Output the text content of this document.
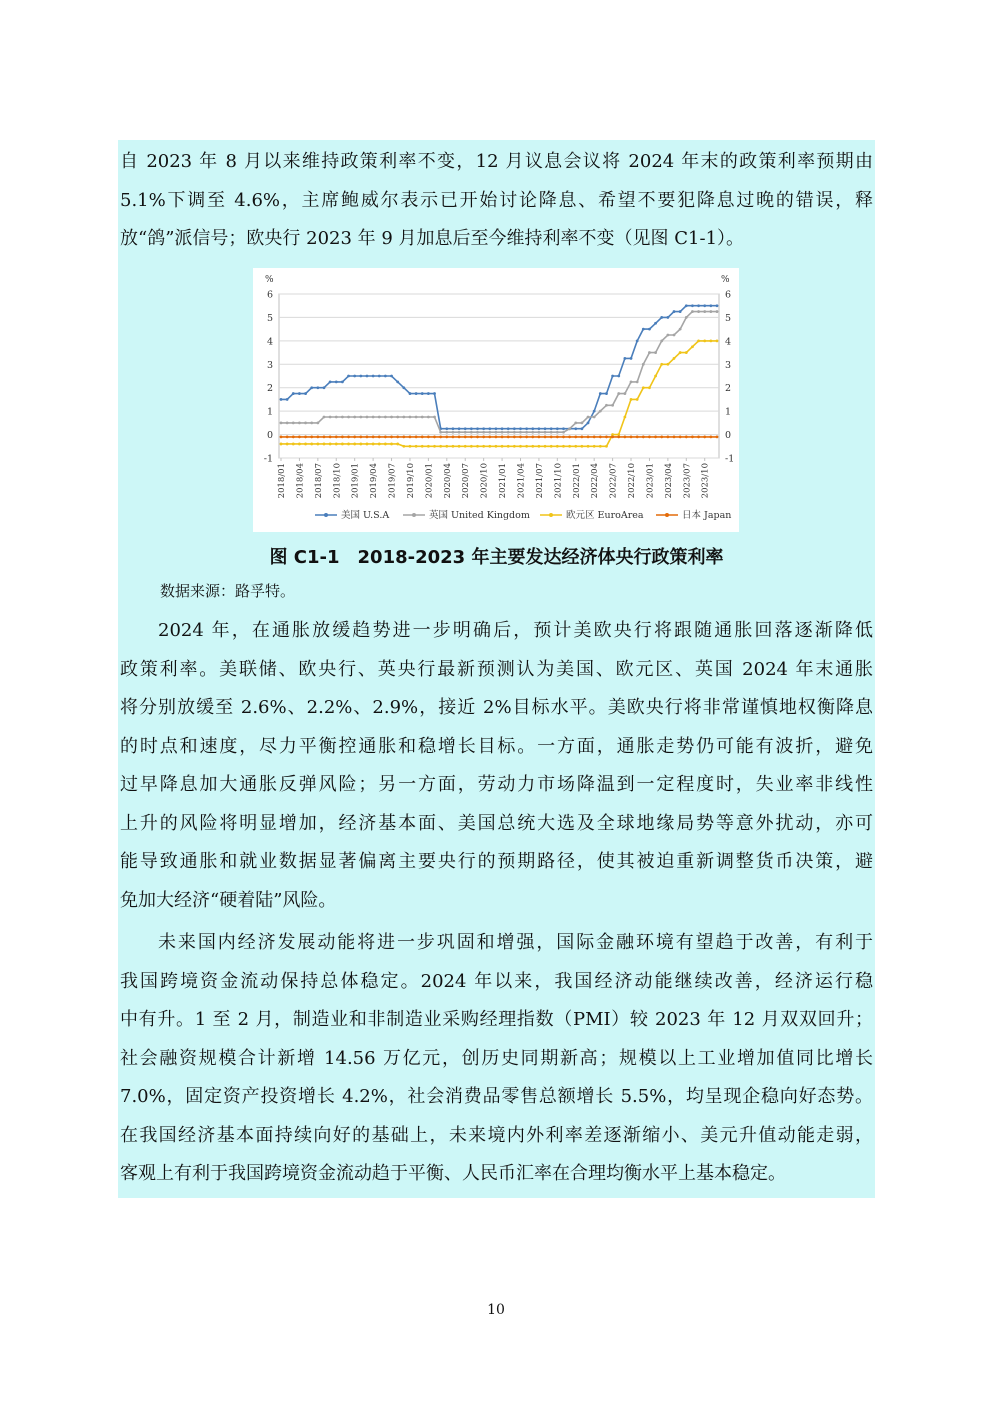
自 2023 年 8 月以来维持政策利率不变，12 月议息会议将 2024 年末的政策利率预期由
5.1%下调至 4.6%，主席鲍威尔表示已开始讨论降息、希望不要犯降息过晚的错误，释
放“鸽”派信号；欧央行 2023 年 9 月加息后至今维持利率不变（见图 C1-1）。
6	6
5	5
4	4
3	3
2	2
1	1
0	0
-1	-1
%	%
2018/01 2018/04 2018/07 2018/10 2019/01 2019/04 2019/07 2019/10 2020/01 2020/04 2020/07 2020/10 2021/01 2021/04 2021/07 2021/10 2022/01 2022/04 2022/07 2022/10 2023/01 2023/04 2023/07 2023/10
美国 U.S.A	英国 United Kingdom	欧元区 EuroArea	日本 Japan
图 C1-1　2018-2023 年主要发达经济体央行政策利率
数据来源：路孚特。
2024 年，在通胀放缓趋势进一步明确后，预计美欧央行将跟随通胀回落逐渐降低
政策利率。美联储、欧央行、英央行最新预测认为美国、欧元区、英国 2024 年末通胀
将分别放缓至 2.6%、2.2%、2.9%，接近 2%目标水平。美欧央行将非常谨慎地权衡降息
的时点和速度，尽力平衡控通胀和稳增长目标。一方面，通胀走势仍可能有波折，避免
过早降息加大通胀反弹风险；另一方面，劳动力市场降温到一定程度时，失业率非线性
上升的风险将明显增加，经济基本面、美国总统大选及全球地缘局势等意外扰动，亦可
能导致通胀和就业数据显著偏离主要央行的预期路径，使其被迫重新调整货币决策，避
免加大经济“硬着陆”风险。
未来国内经济发展动能将进一步巩固和增强，国际金融环境有望趋于改善，有利于
我国跨境资金流动保持总体稳定。2024 年以来，我国经济动能继续改善，经济运行稳
中有升。1 至 2 月，制造业和非制造业采购经理指数（PMI）较 2023 年 12 月双双回升；
社会融资规模合计新增 14.56 万亿元，创历史同期新高；规模以上工业增加值同比增长
7.0%，固定资产投资增长 4.2%，社会消费品零售总额增长 5.5%，均呈现企稳向好态势。
在我国经济基本面持续向好的基础上，未来境内外利率差逐渐缩小、美元升值动能走弱，
客观上有利于我国跨境资金流动趋于平衡、人民币汇率在合理均衡水平上基本稳定。
10
